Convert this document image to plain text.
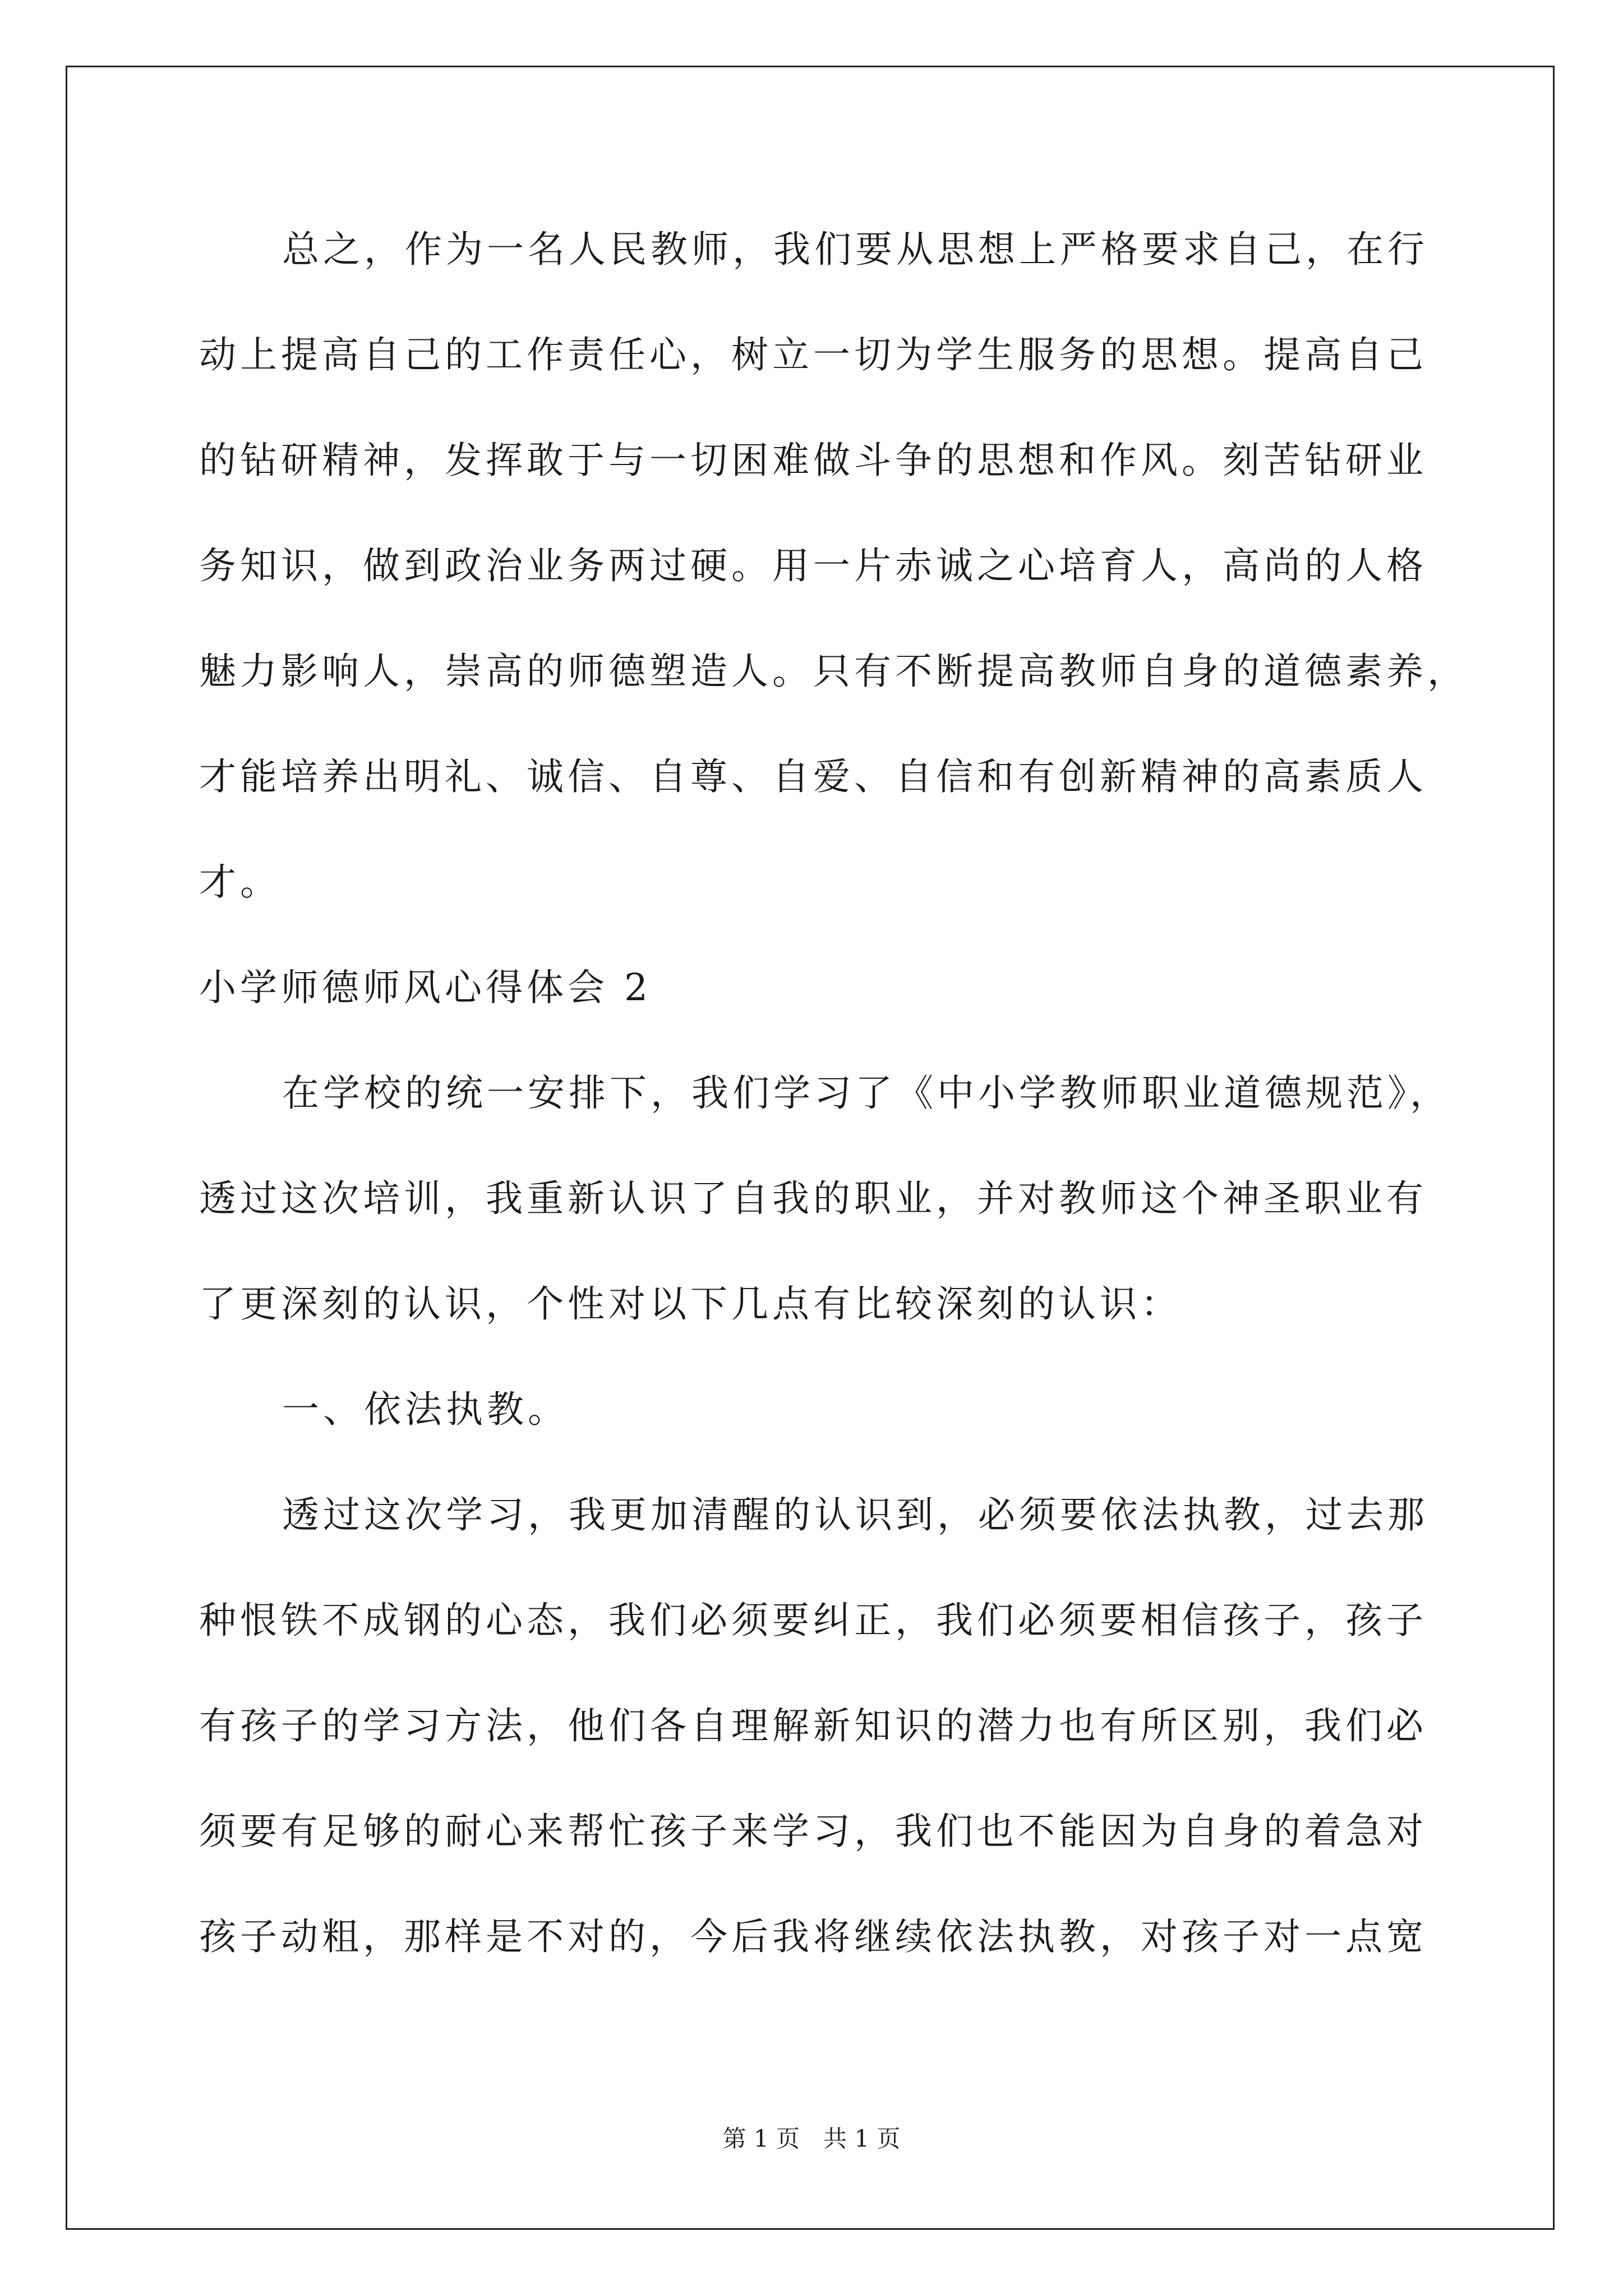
总之，作为一名人民教师，我们要从思想上严格要求自己，在行
动上提高自己的工作责任心，树立一切为学生服务的思想。提高自己
的钻研精神，发挥敢于与一切困难做斗争的思想和作风。刻苦钻研业
务知识，做到政治业务两过硬。用一片赤诚之心培育人，高尚的人格
魅力影响人，崇高的师德塑造人。只有不断提高教师自身的道德素养，
才能培养出明礼、诚信、自尊、自爱、自信和有创新精神的高素质人
才。
小学师德师风心得体会 2
在学校的统一安排下，我们学习了《中小学教师职业道德规范》，
透过这次培训，我重新认识了自我的职业，并对教师这个神圣职业有
了更深刻的认识，个性对以下几点有比较深刻的认识：
一、依法执教。
透过这次学习，我更加清醒的认识到，必须要依法执教，过去那
种恨铁不成钢的心态，我们必须要纠正，我们必须要相信孩子，孩子
有孩子的学习方法，他们各自理解新知识的潜力也有所区别，我们必
须要有足够的耐心来帮忙孩子来学习，我们也不能因为自身的着急对
孩子动粗，那样是不对的，今后我将继续依法执教，对孩子对一点宽
第 1 页　共 1 页
